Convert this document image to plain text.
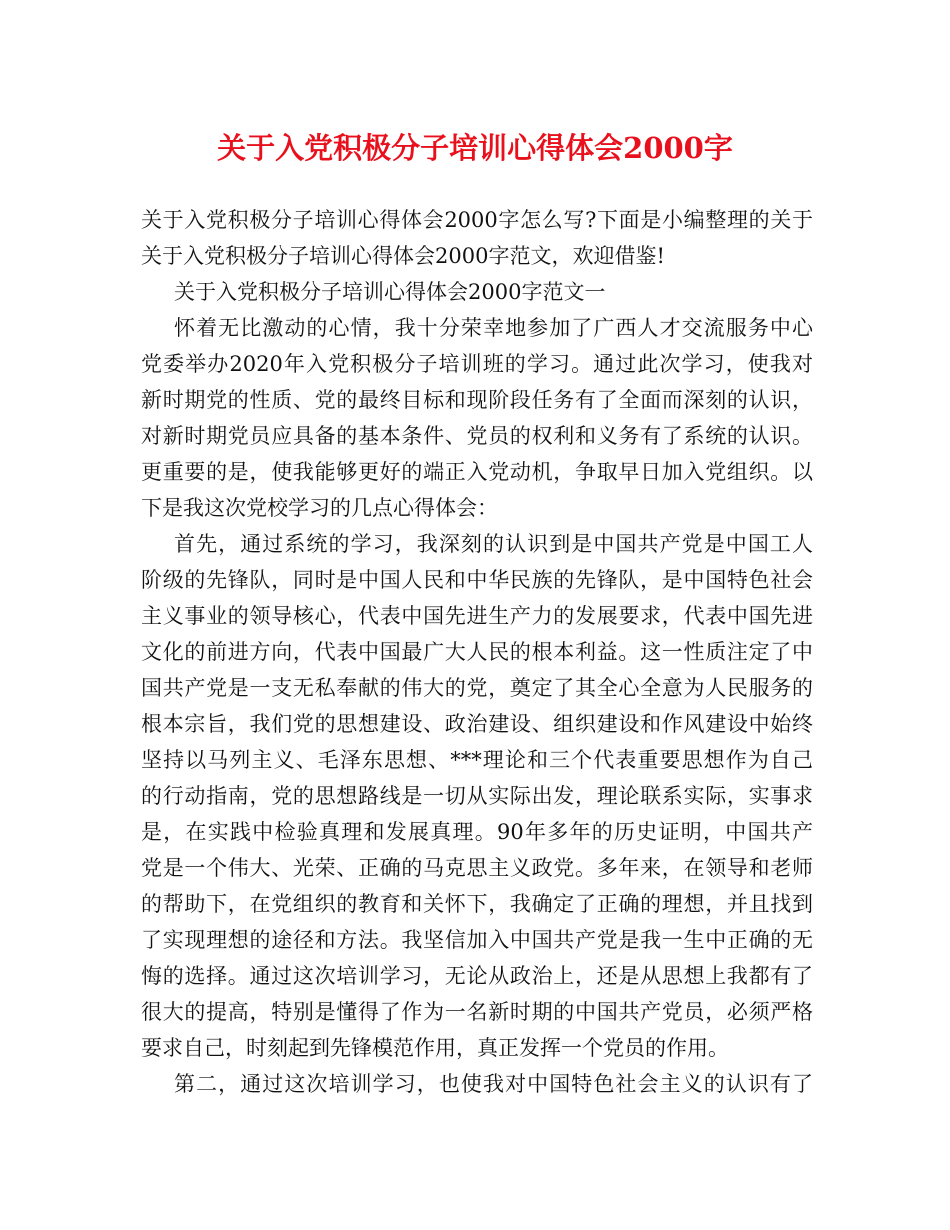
关于入党积极分子培训心得体会2000字
关于入党积极分子培训心得体会2000字怎么写?下面是小编整理的关于
关于入党积极分子培训心得体会2000字范文，欢迎借鉴!
关于入党积极分子培训心得体会2000字范文一
怀着无比激动的心情，我十分荣幸地参加了广西人才交流服务中心
党委举办2020年入党积极分子培训班的学习。通过此次学习，使我对
新时期党的性质、党的最终目标和现阶段任务有了全面而深刻的认识，
对新时期党员应具备的基本条件、党员的权利和义务有了系统的认识。
更重要的是，使我能够更好的端正入党动机，争取早日加入党组织。以
下是我这次党校学习的几点心得体会：
首先，通过系统的学习，我深刻的认识到是中国共产党是中国工人
阶级的先锋队，同时是中国人民和中华民族的先锋队，是中国特色社会
主义事业的领导核心，代表中国先进生产力的发展要求，代表中国先进
文化的前进方向，代表中国最广大人民的根本利益。这一性质注定了中
国共产党是一支无私奉献的伟大的党，奠定了其全心全意为人民服务的
根本宗旨，我们党的思想建设、政治建设、组织建设和作风建设中始终
坚持以马列主义、毛泽东思想、***理论和三个代表重要思想作为自己
的行动指南，党的思想路线是一切从实际出发，理论联系实际，实事求
是，在实践中检验真理和发展真理。90年多年的历史证明，中国共产
党是一个伟大、光荣、正确的马克思主义政党。多年来，在领导和老师
的帮助下，在党组织的教育和关怀下，我确定了正确的理想，并且找到
了实现理想的途径和方法。我坚信加入中国共产党是我一生中正确的无
悔的选择。通过这次培训学习，无论从政治上，还是从思想上我都有了
很大的提高，特别是懂得了作为一名新时期的中国共产党员，必须严格
要求自己，时刻起到先锋模范作用，真正发挥一个党员的作用。
第二，通过这次培训学习，也使我对中国特色社会主义的认识有了
